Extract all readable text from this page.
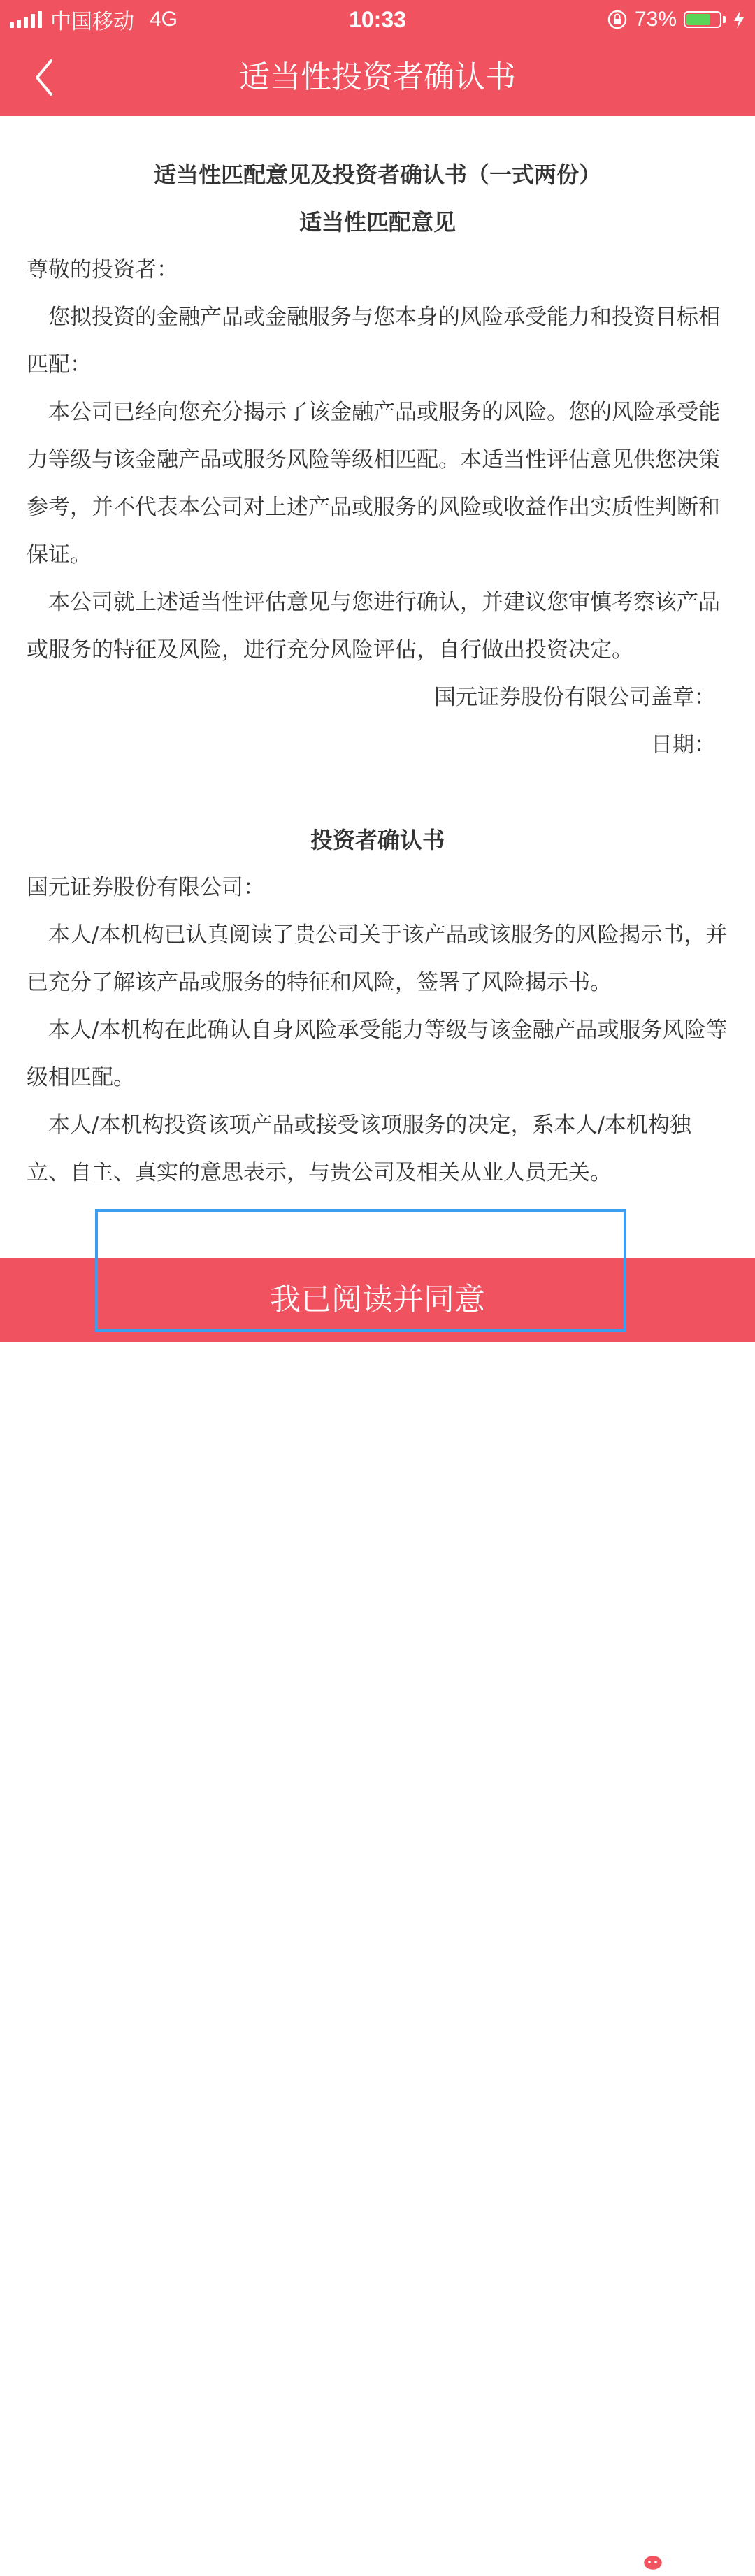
中国移动 4G	10:33	73%
适当性投资者确认书

适当性匹配意见及投资者确认书（一式两份）

适当性匹配意见

尊敬的投资者：

您拟投资的金融产品或金融服务与您本身的风险承受能力和投资目标相匹配：

本公司已经向您充分揭示了该金融产品或服务的风险。您的风险承受能力等级与该金融产品或服务风险等级相匹配。本适当性评估意见供您决策参考，并不代表本公司对上述产品或服务的风险或收益作出实质性判断和保证。

本公司就上述适当性评估意见与您进行确认，并建议您审慎考察该产品或服务的特征及风险，进行充分风险评估，自行做出投资决定。

国元证券股份有限公司盖章：

日期：

投资者确认书

国元证券股份有限公司：

本人/本机构已认真阅读了贵公司关于该产品或该服务的风险揭示书，并已充分了解该产品或服务的特征和风险，签署了风险揭示书。

本人/本机构在此确认自身风险承受能力等级与该金融产品或服务风险等级相匹配。

本人/本机构投资该项产品或接受该项服务的决定，系本人/本机构独立、自主、真实的意思表示，与贵公司及相关从业人员无关。

我已阅读并同意
erlinly
